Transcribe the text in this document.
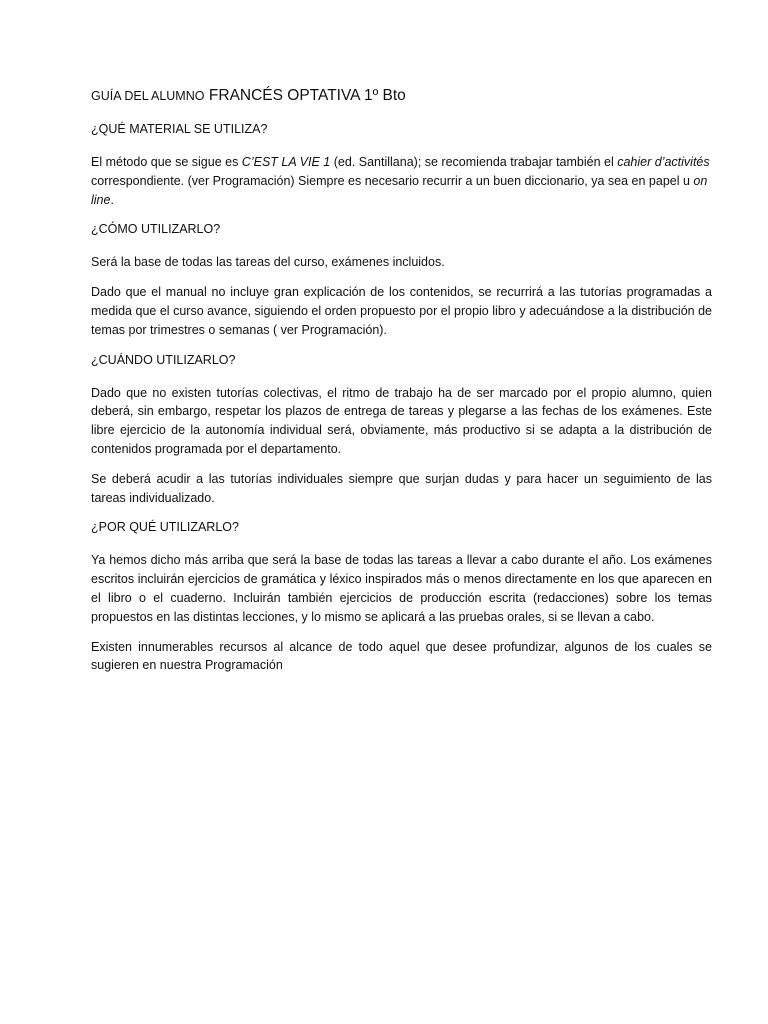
GUÍA DEL ALUMNO FRANCÉS OPTATIVA 1º Bto
¿QUÉ MATERIAL SE UTILIZA?

El método que se sigue es C’EST LA VIE 1 (ed. Santillana); se recomienda trabajar también el cahier d’activités correspondiente. (ver Programación) Siempre es necesario recurrir a un buen diccionario, ya sea en papel u on line.

¿CÓMO UTILIZARLO?

Será la base de todas las tareas del curso, exámenes incluidos.

Dado que el manual no incluye gran explicación de los contenidos, se recurrirá a las tutorías programadas a medida que el curso avance, siguiendo el orden propuesto por el propio libro y adecuándose a la distribución de temas por trimestres o semanas ( ver Programación).

¿CUÁNDO UTILIZARLO?

Dado que no existen tutorías colectivas, el ritmo de trabajo ha de ser marcado por el propio alumno, quien deberá, sin embargo, respetar los plazos de entrega de tareas y plegarse a las fechas de los exámenes. Este libre ejercicio de la autonomía individual será, obviamente, más productivo si se adapta a la distribución de contenidos programada por el departamento.

Se deberá acudir a las tutorías individuales siempre que surjan dudas y para hacer un seguimiento de las tareas individualizado.

¿POR QUÉ UTILIZARLO?

Ya hemos dicho más arriba que será la base de todas las tareas a llevar a cabo durante el año. Los exámenes escritos incluirán ejercicios de gramática y léxico inspirados más o menos directamente en los que aparecen en el libro o el cuaderno. Incluirán también ejercicios de producción escrita (redacciones) sobre los temas propuestos en las distintas lecciones, y lo mismo se aplicará a las pruebas orales, si se llevan a cabo.

Existen innumerables recursos al alcance de todo aquel que desee profundizar, algunos de los cuales se sugieren en nuestra Programación
